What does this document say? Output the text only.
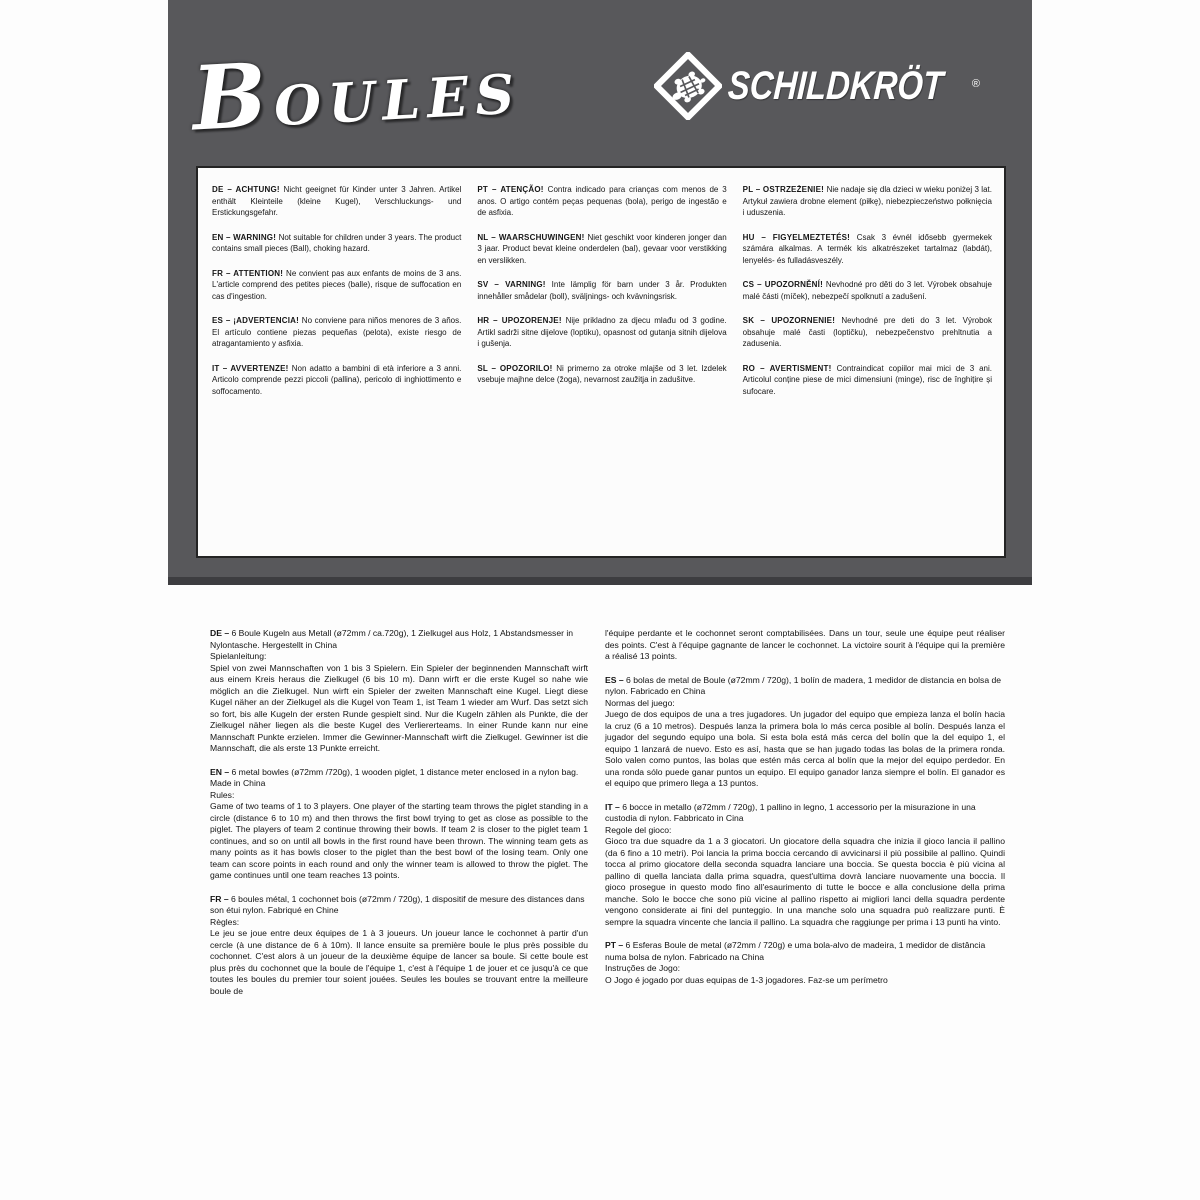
BOULES	SCHILDKRÖT	®

DE – ACHTUNG! Nicht geeignet für Kinder unter 3 Jahren. Artikel enthält Kleinteile (kleine Kugel), Verschluckungs- und Erstickungsgefahr.

EN – WARNING! Not suitable for children under 3 years. The product contains small pieces (Ball), choking hazard.

FR – ATTENTION! Ne convient pas aux enfants de moins de 3 ans. L'article comprend des petites pieces (balle), risque de suffocation en cas d'ingestion.

ES – ¡ADVERTENCIA! No conviene para niños menores de 3 años. El artículo contiene piezas pequeñas (pelota), existe riesgo de atragantamiento y asfixia.

IT – AVVERTENZE! Non adatto a bambini di età inferiore a 3 anni. Articolo comprende pezzi piccoli (pallina), pericolo di inghiottimento e soffocamento.

PT – ATENÇÃO! Contra indicado para crianças com menos de 3 anos. O artigo contém peças pequenas (bola), perigo de ingestão e de asfixia.

NL – WAARSCHUWINGEN! Niet geschikt voor kinderen jonger dan 3 jaar. Product bevat kleine onderdelen (bal), gevaar voor verstikking en verslikken.

SV – VARNING! Inte lämplig för barn under 3 år. Produkten innehåller smådelar (boll), sväljnings- och kvävningsrisk.

HR – UPOZORENJE! Nije prikladno za djecu mlađu od 3 godine. Artikl sadrži sitne dijelove (loptiku), opasnost od gutanja sitnih dijelova i gušenja.

SL – OPOZORILO! Ni primerno za otroke mlajše od 3 let. Izdelek vsebuje majhne delce (žoga), nevarnost zaužitja in zadušitve.

PL – OSTRZEŻENIE! Nie nadaje się dla dzieci w wieku poniżej 3 lat. Artykuł zawiera drobne element (piłkę), niebezpieczeństwo połknięcia i uduszenia.

HU – FIGYELMEZTETÉS! Csak 3 évnél idősebb gyermekek számára alkalmas. A termék kis alkatrészeket tartalmaz (labdát), lenyelés- és fulladásveszély.

CS – UPOZORNĚNÍ! Nevhodné pro děti do 3 let. Výrobek obsahuje malé části (míček), nebezpečí spolknutí a zadušení.

SK – UPOZORNENIE! Nevhodné pre deti do 3 let. Výrobok obsahuje malé časti (loptičku), nebezpečenstvo prehltnutia a zadusenia.

RO – AVERTISMENT! Contraindicat copiilor mai mici de 3 ani. Articolul conține piese de mici dimensiuni (minge), risc de înghițire și sufocare.

DE – 6 Boule Kugeln aus Metall (ø72mm / ca.720g), 1 Zielkugel aus Holz, 1 Abstandsmesser in Nylontasche. Hergestellt in China

Spielanleitung:

Spiel von zwei Mannschaften von 1 bis 3 Spielern. Ein Spieler der beginnenden Mannschaft wirft aus einem Kreis heraus die Zielkugel (6 bis 10 m). Dann wirft er die erste Kugel so nahe wie möglich an die Zielkugel. Nun wirft ein Spieler der zweiten Mannschaft eine Kugel. Liegt diese Kugel näher an der Zielkugel als die Kugel von Team 1, ist Team 1 wieder am Wurf. Das setzt sich so fort, bis alle Kugeln der ersten Runde gespielt sind. Nur die Kugeln zählen als Punkte, die der Zielkugel näher liegen als die beste Kugel des Verliererteams. In einer Runde kann nur eine Mannschaft Punkte erzielen. Immer die Gewinner-Mannschaft wirft die Zielkugel. Gewinner ist die Mannschaft, die als erste 13 Punkte erreicht.

EN – 6 metal bowles (ø72mm /720g), 1 wooden piglet, 1 distance meter enclosed in a nylon bag. Made in China

Rules:

Game of two teams of 1 to 3 players. One player of the starting team throws the piglet standing in a circle (distance 6 to 10 m) and then throws the first bowl trying to get as close as possible to the piglet. The players of team 2 continue throwing their bowls. If team 2 is closer to the piglet team 1 continues, and so on until all bowls in the first round have been thrown. The winning team gets as many points as it has bowls closer to the piglet than the best bowl of the losing team. Only one team can score points in each round and only the winner team is allowed to throw the piglet. The game continues until one team reaches 13 points.

FR – 6 boules métal, 1 cochonnet bois (ø72mm / 720g), 1 dispositif de mesure des distances dans son étui nylon. Fabriqué en Chine

Règles:

Le jeu se joue entre deux équipes de 1 à 3 joueurs. Un joueur lance le cochonnet à partir d'un cercle (à une distance de 6 à 10m). Il lance ensuite sa première boule le plus près possible du cochonnet. C'est alors à un joueur de la deuxième équipe de lancer sa boule. Si cette boule est plus près du cochonnet que la boule de l'équipe 1, c'est à l'équipe 1 de jouer et ce jusqu'à ce que toutes les boules du premier tour soient jouées. Seules les boules se trouvant entre la meilleure boule de

l'équipe perdante et le cochonnet seront comptabilisées. Dans un tour, seule une équipe peut réaliser des points. C'est à l'équipe gagnante de lancer le cochonnet. La victoire sourit à l'équipe qui la première a réalisé 13 points.

ES – 6 bolas de metal de Boule (ø72mm / 720g), 1 bolín de madera, 1 medidor de distancia en bolsa de nylon. Fabricado en China

Normas del juego:

Juego de dos equipos de una a tres jugadores. Un jugador del equipo que empieza lanza el bolín hacia la cruz (6 a 10 metros). Después lanza la primera bola lo más cerca posible al bolín. Después lanza el jugador del segundo equipo una bola. Si esta bola está más cerca del bolín que la del equipo 1, el equipo 1 lanzará de nuevo. Esto es así, hasta que se han jugado todas las bolas de la primera ronda. Solo valen como puntos, las bolas que estén más cerca al bolín que la mejor del equipo perdedor. En una ronda sólo puede ganar puntos un equipo. El equipo ganador lanza siempre el bolín. El ganador es el equipo que primero llega a 13 puntos.

IT – 6 bocce in metallo (ø72mm / 720g), 1 pallino in legno, 1 accessorio per la misurazione in una custodia di nylon. Fabbricato in Cina

Regole del gioco:

Gioco tra due squadre da 1 a 3 giocatori. Un giocatore della squadra che inizia il gioco lancia il pallino (da 6 fino a 10 metri). Poi lancia la prima boccia cercando di avvicinarsi il più possibile al pallino. Quindi tocca al primo giocatore della seconda squadra lanciare una boccia. Se questa boccia è più vicina al pallino di quella lanciata dalla prima squadra, quest'ultima dovrà lanciare nuovamente una boccia. Il gioco prosegue in questo modo fino all'esaurimento di tutte le bocce e alla conclusione della prima manche. Solo le bocce che sono più vicine al pallino rispetto ai migliori lanci della squadra perdente vengono considerate ai fini del punteggio. In una manche solo una squadra può realizzare punti. È sempre la squadra vincente che lancia il pallino. La squadra che raggiunge per prima i 13 punti ha vinto.

PT – 6 Esferas Boule de metal (ø72mm / 720g) e uma bola-alvo de madeira, 1 medidor de distância numa bolsa de nylon. Fabricado na China

Instruções de Jogo:

O Jogo é jogado por duas equipas de 1-3 jogadores. Faz-se um perímetro
